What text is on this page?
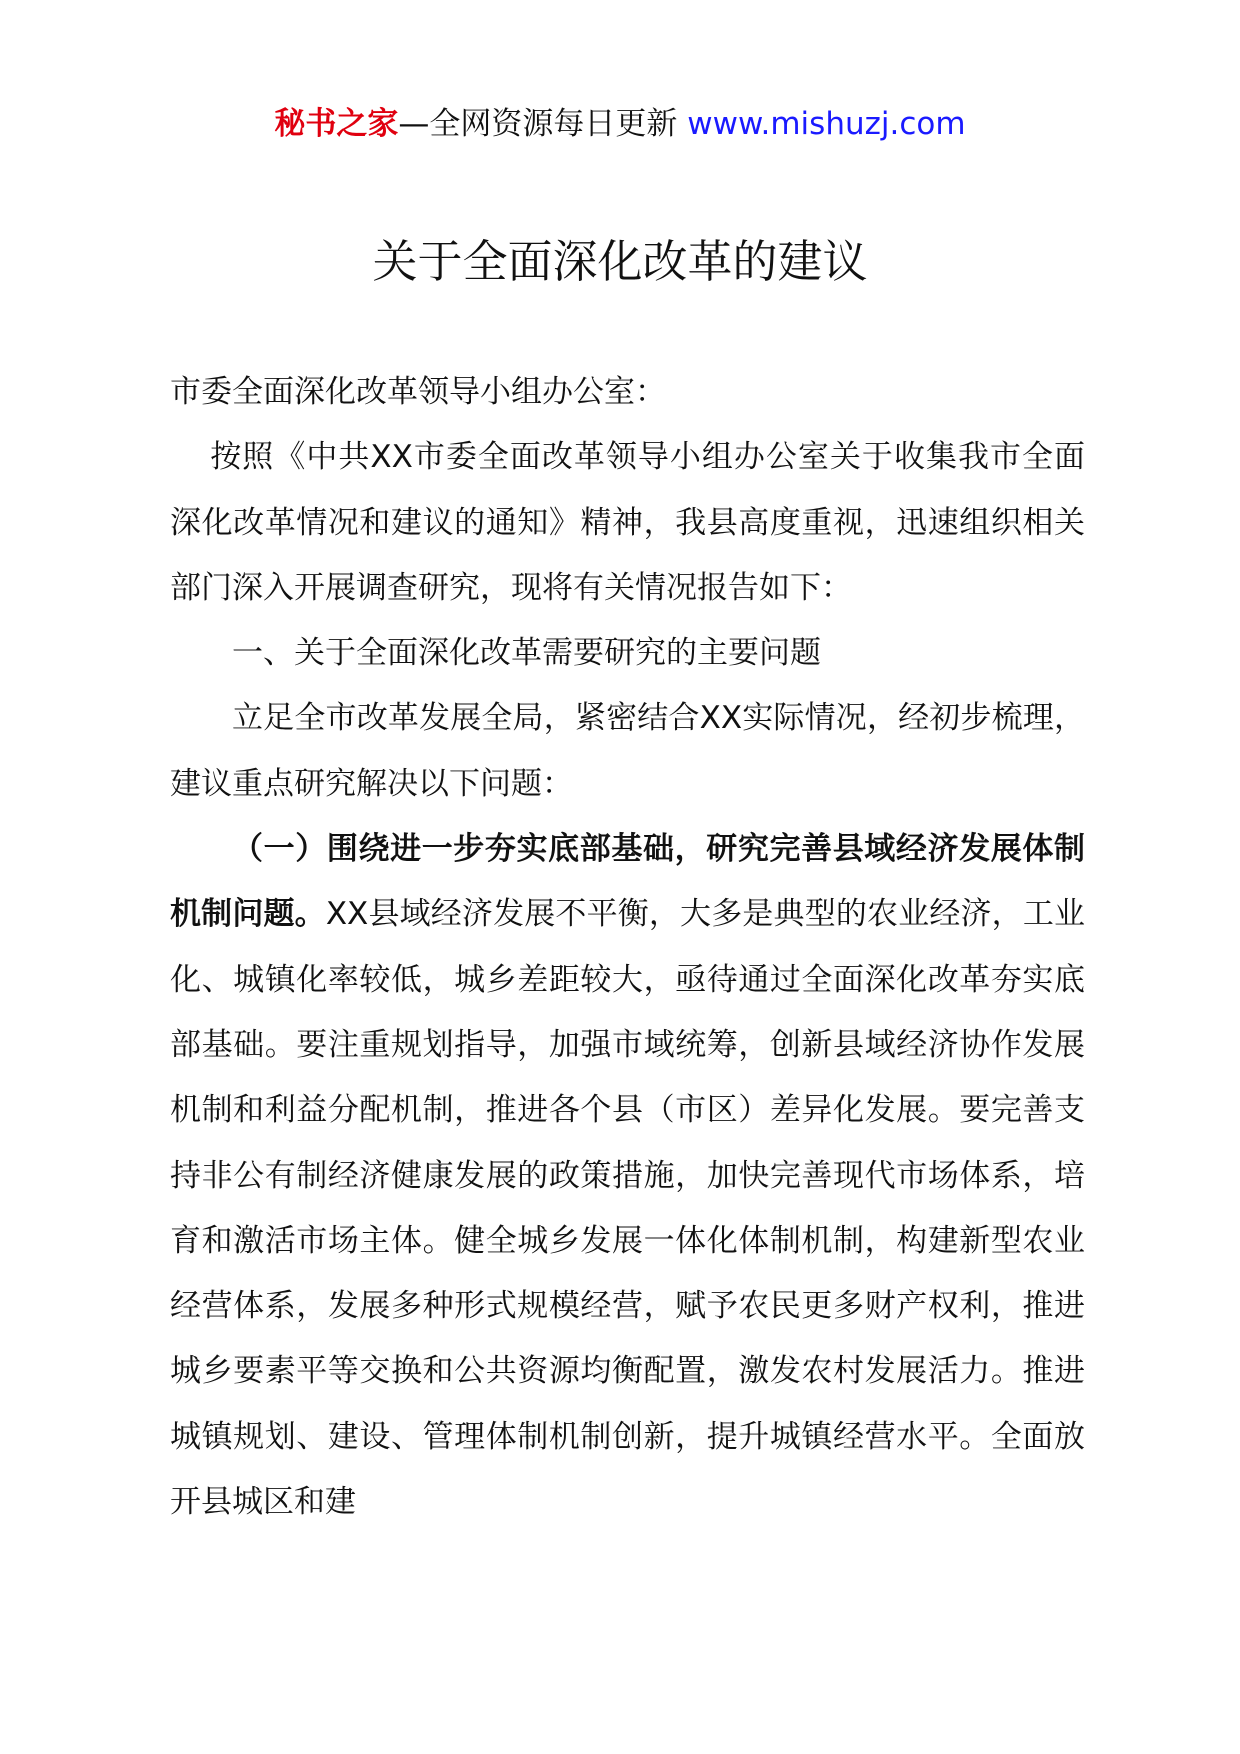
秘书之家—全网资源每日更新 www.mishuzj.com
关于全面深化改革的建议

市委全面深化改革领导小组办公室：

按照《中共XX市委全面改革领导小组办公室关于收集我市全面深化改革情况和建议的通知》精神，我县高度重视，迅速组织相关部门深入开展调查研究，现将有关情况报告如下：

一、关于全面深化改革需要研究的主要问题

立足全市改革发展全局，紧密结合XX实际情况，经初步梳理，建议重点研究解决以下问题：

（一）围绕进一步夯实底部基础，研究完善县域经济发展体制机制问题。XX县域经济发展不平衡，大多是典型的农业经济，工业化、城镇化率较低，城乡差距较大，亟待通过全面深化改革夯实底部基础。要注重规划指导，加强市域统筹，创新县域经济协作发展机制和利益分配机制，推进各个县（市区）差异化发展。要完善支持非公有制经济健康发展的政策措施，加快完善现代市场体系，培育和激活市场主体。健全城乡发展一体化体制机制，构建新型农业经营体系，发展多种形式规模经营，赋予农民更多财产权利，推进城乡要素平等交换和公共资源均衡配置，激发农村发展活力。推进城镇规划、建设、管理体制机制创新，提升城镇经营水平。全面放开县城区和建
